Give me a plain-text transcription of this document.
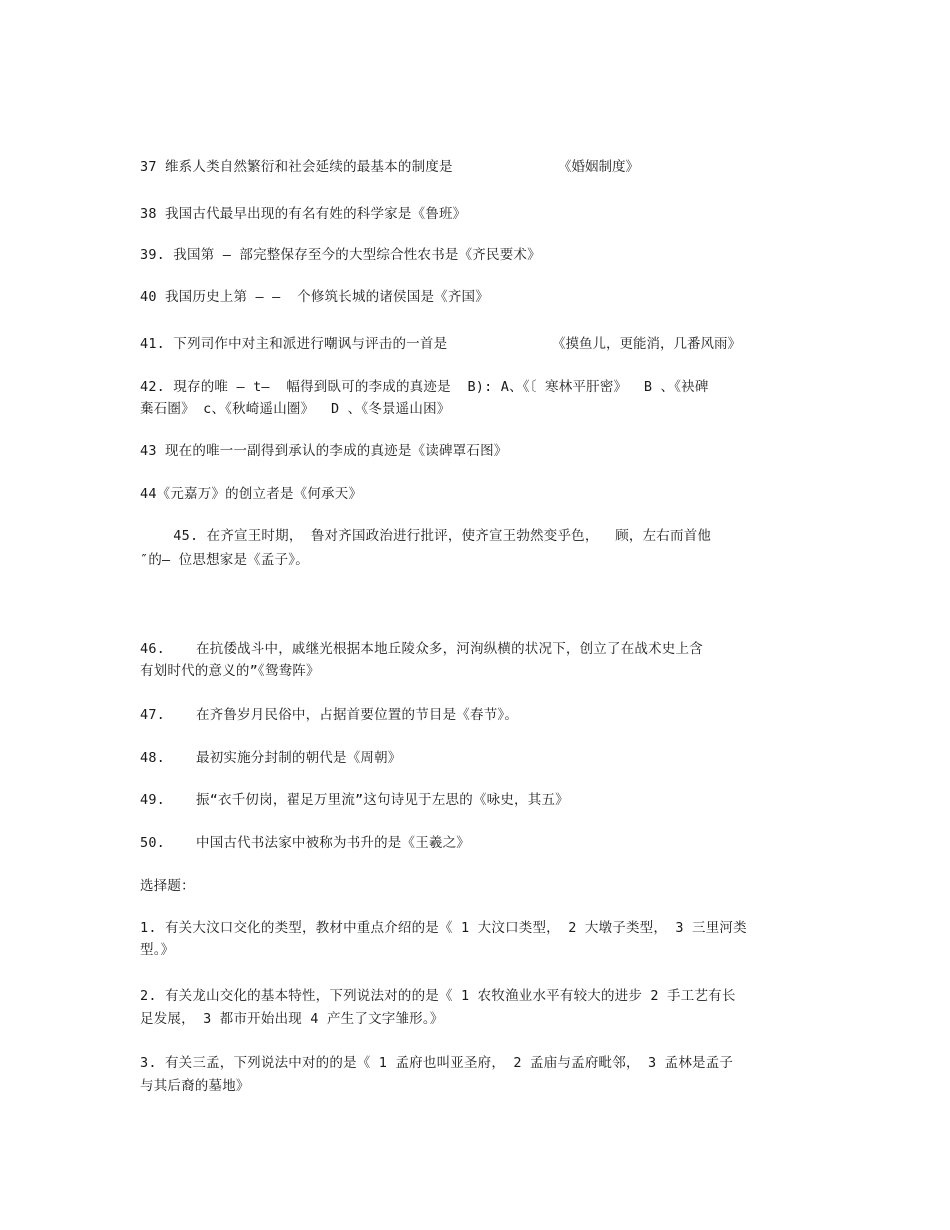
37 维系人类自然繁衍和社会延续的最基本的制度是	《婚姻制度》
38 我国古代最早出现的有名有姓的科学家是《鲁班》
39. 我国第 – 部完整保存至今的大型综合性农书是《齐民要术》
40 我国历史上第 – –  个修筑长城的诸侯国是《齐国》
41. 下列司作中对主和派进行嘲讽与评击的一首是	《摸鱼儿，更能消，几番风雨》
42. 現存的唯 – t–  幅得到臥可的李成的真迹是  B): A、《〔 寒林平肝密》  B 、《袂碑
棄石圏》 c、《秋崎遥山圏》  D 、《冬景遥山困》
43 现在的唯一一副得到承认的李成的真迹是《读碑罩石图》
44《元嘉万》的创立者是《何承天》
45. 在齐宣王时期， 鲁对齐国政治进行批评，使齐宣王勃然变乎色，  顾，左右而首他
″的– 位思想家是《孟子》。
46. 在抗倭战斗中，戚继光根据本地丘陵众多，河洵纵横的状况下，创立了在战术史上含
有划时代的意义的”《鸳鸯阵》
47. 在齐鲁岁月民俗中，占据首要位置的节目是《春节》。
48. 最初实施分封制的朝代是《周朝》
49. 振“衣千仞岗，翟足万里流”这句诗见于左思的《咏史，其五》
50. 中国古代书法家中被称为书升的是《王羲之》
选择题：
1. 有关大汶口交化的类型，教材中重点介绍的是《 1 大汶口类型， 2 大墩子类型， 3 三里河类
型。》
2. 有关龙山交化的基本特性，下列说法对的的是《 1 农牧渔业水平有较大的进步 2 手工艺有长
足发展， 3 都市开始出现 4 产生了文字雏形。》
3. 有关三孟，下列说法中对的的是《 1 孟府也叫亚圣府， 2 孟庙与孟府毗邻， 3 孟林是孟子
与其后裔的墓地》
